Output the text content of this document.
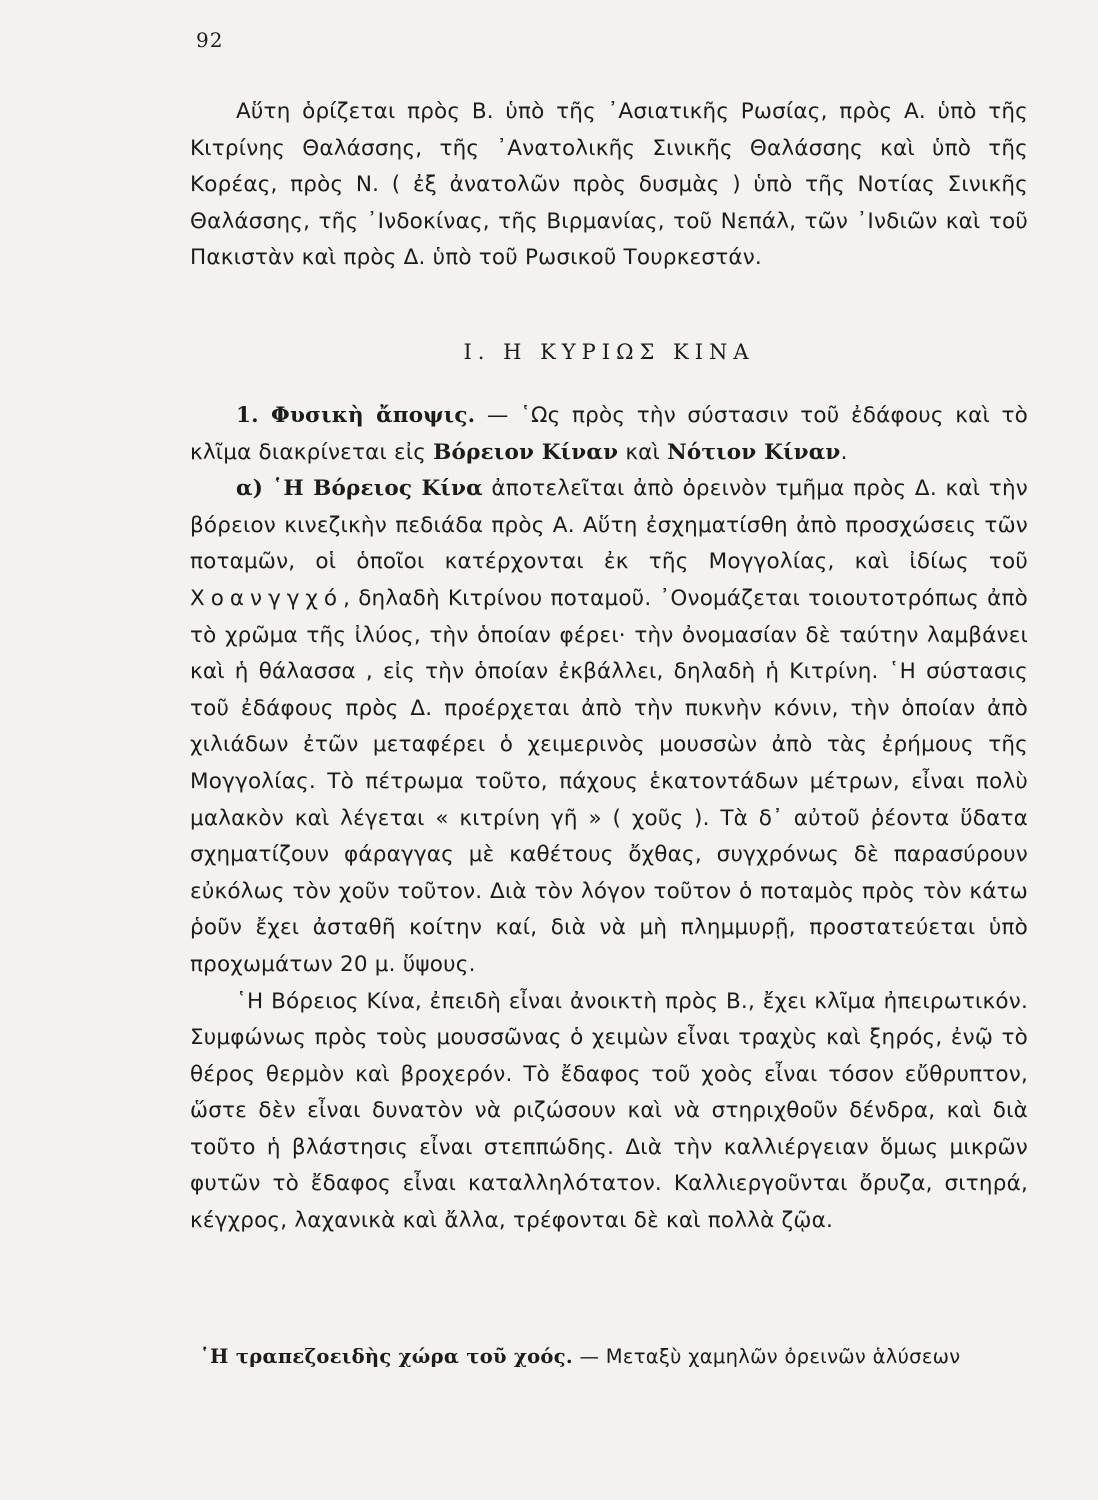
92

Αὕτη ὁρίζεται πρὸς Β. ὑπὸ τῆς ᾿Ασιατικῆς Ρωσίας, πρὸς Α. ὑπὸ τῆς Κιτρίνης Θαλάσσης, τῆς ᾿Ανατολικῆς Σινικῆς Θαλάσσης καὶ ὑπὸ τῆς Κορέας, πρὸς Ν. ( ἐξ ἀνατολῶν πρὸς δυσμὰς ) ὑπὸ τῆς Νοτίας Σινικῆς Θαλάσσης, τῆς ᾿Ινδοκίνας, τῆς Βιρμανίας, τοῦ Νεπάλ, τῶν ᾿Ινδιῶν καὶ τοῦ Πακιστὰν καὶ πρὸς Δ. ὑπὸ τοῦ Ρωσικοῦ Τουρκεστάν.

I. Η ΚΥΡΙΩΣ ΚΙΝΑ

1. Φυσικὴ ἄποψις. — ῾Ως πρὸς τὴν σύστασιν τοῦ ἐδάφους καὶ τὸ κλῖμα διακρίνεται εἰς Βόρειον Κίναν καὶ Νότιον Κίναν.

α) ῾Η Βόρειος Κίνα ἀποτελεῖται ἀπὸ ὀρεινὸν τμῆμα πρὸς Δ. καὶ τὴν βόρειον κινεζικὴν πεδιάδα πρὸς Α. Αὕτη ἐσχηματίσθη ἀπὸ προσχώσεις τῶν ποταμῶν, οἱ ὁποῖοι κατέρχονται ἐκ τῆς Μογγολίας, καὶ ἰδίως τοῦ Χοανγγχό, δηλαδὴ Κιτρίνου ποταμοῦ. ᾿Ονομάζεται τοιουτοτρόπως ἀπὸ τὸ χρῶμα τῆς ἰλύος, τὴν ὁποίαν φέρει· τὴν ὀνομασίαν δὲ ταύτην λαμβάνει καὶ ἡ θάλασσα , εἰς τὴν ὁποίαν ἐκβάλλει, δηλαδὴ ἡ Κιτρίνη. ῾Η σύστασις τοῦ ἐδάφους πρὸς Δ. προέρχεται ἀπὸ τὴν πυκνὴν κόνιν, τὴν ὁποίαν ἀπὸ χιλιάδων ἐτῶν μεταφέρει ὁ χειμερινὸς μουσσὼν ἀπὸ τὰς ἐρήμους τῆς Μογγολίας. Τὸ πέτρωμα τοῦτο, πάχους ἑκατοντάδων μέτρων, εἶναι πολὺ μαλακὸν καὶ λέγεται « κιτρίνη γῆ » ( χοῦς ). Τὰ δ᾿ αὐτοῦ ῥέοντα ὕδατα σχηματίζουν φάραγγας μὲ καθέτους ὄχθας, συγχρόνως δὲ παρασύρουν εὐκόλως τὸν χοῦν τοῦτον. Διὰ τὸν λόγον τοῦτον ὁ ποταμὸς πρὸς τὸν κάτω ῥοῦν ἔχει ἀσταθῆ κοίτην καί, διὰ νὰ μὴ πλημμυρῇ, προστατεύεται ὑπὸ προχωμάτων 20 μ. ὕψους.

῾Η Βόρειος Κίνα, ἐπειδὴ εἶναι ἀνοικτὴ πρὸς Β., ἔχει κλῖμα ἠπειρωτικόν. Συμφώνως πρὸς τοὺς μουσσῶνας ὁ χειμὼν εἶναι τραχὺς καὶ ξηρός, ἐνῷ τὸ θέρος θερμὸν καὶ βροχερόν. Τὸ ἔδαφος τοῦ χοὸς εἶναι τόσον εὔθρυπτον, ὥστε δὲν εἶναι δυνατὸν νὰ ριζώσουν καὶ νὰ στηριχθοῦν δένδρα, καὶ διὰ τοῦτο ἡ βλάστησις εἶναι στεππώδης. Διὰ τὴν καλλιέργειαν ὅμως μικρῶν φυτῶν τὸ ἔδαφος εἶναι καταλληλότατον. Καλλιεργοῦνται ὄρυζα, σιτηρά, κέγχρος, λαχανικὰ καὶ ἄλλα, τρέφονται δὲ καὶ πολλὰ ζῷα.

῾Η τραπεζοειδὴς χώρα τοῦ χοός. — Μεταξὺ χαμηλῶν ὀρεινῶν ἁλύσεων
